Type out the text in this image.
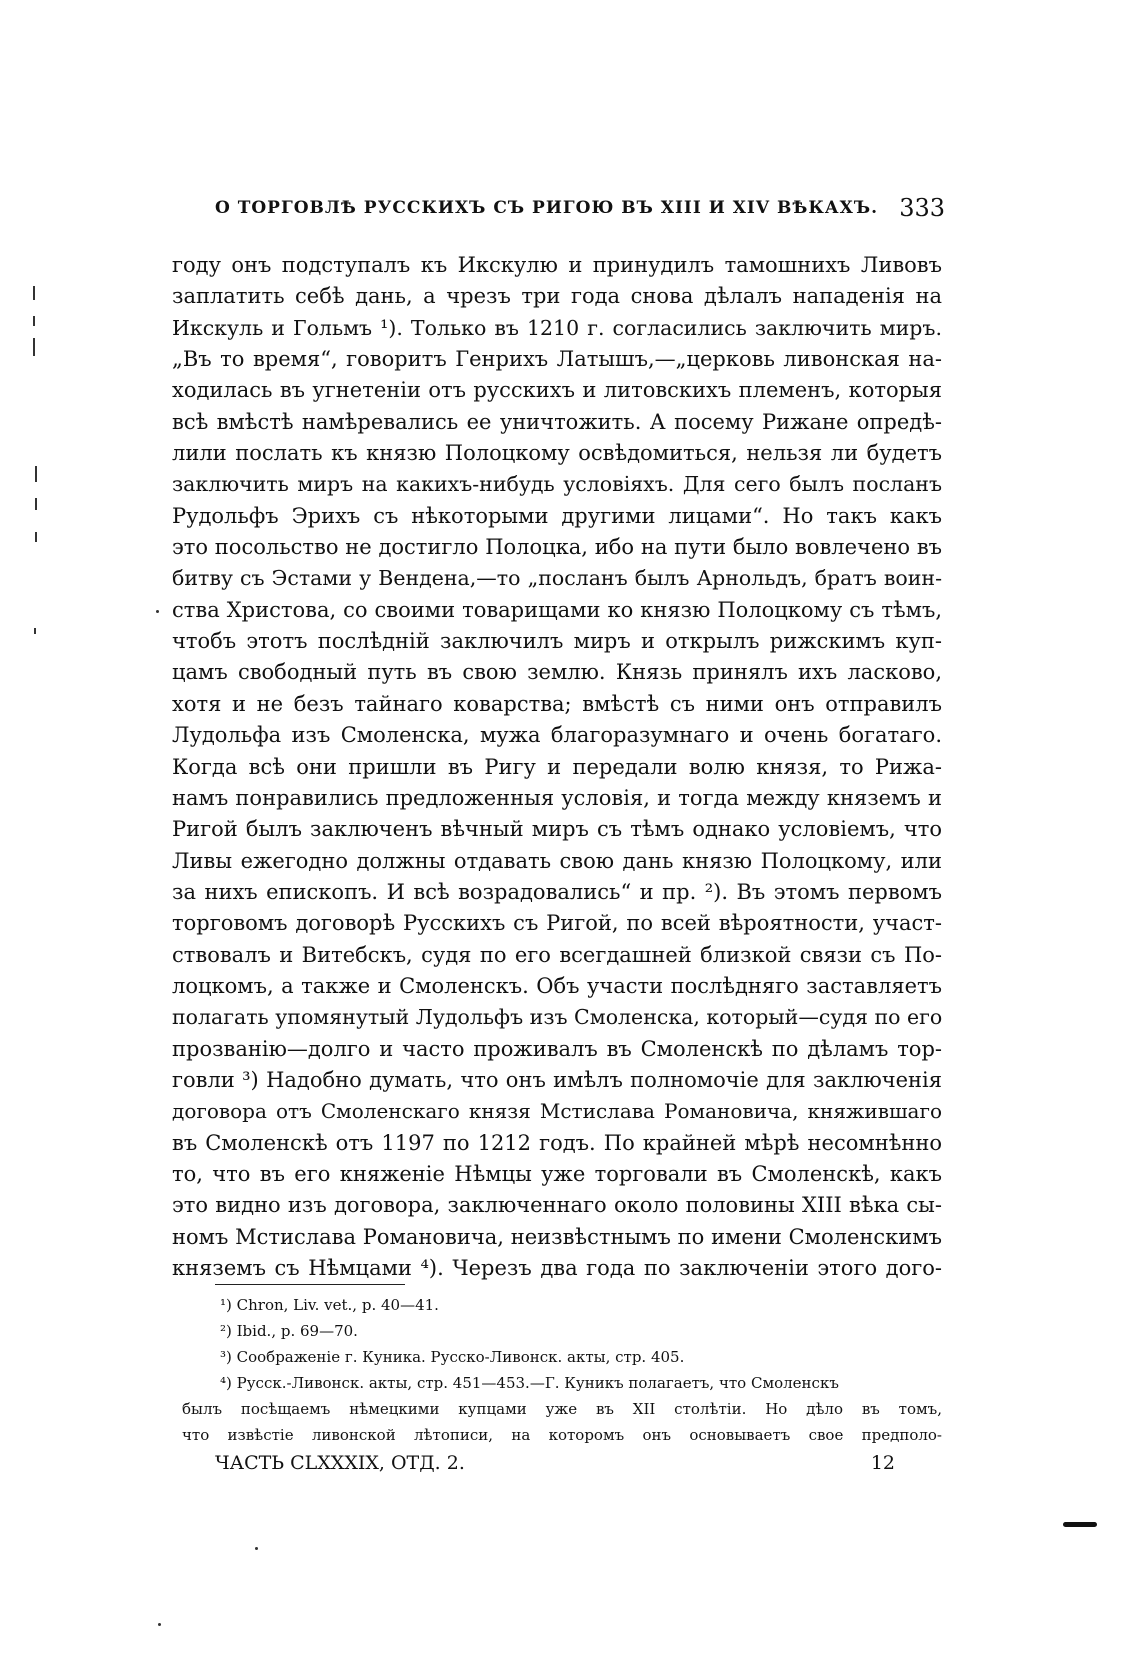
О ТОРГОВЛѢ РУССКИХЪ СЪ РИГОЮ ВЪ XIII И XIV ВѢКАХЪ. 333
году онъ подступалъ къ Икскулю и принудилъ тамошнихъ Ливовъ
заплатить себѣ дань, а чрезъ три года снова дѣлалъ нападенія на
Икскуль и Гольмъ ¹). Только въ 1210 г. согласились заключить миръ.
„Въ то время“, говоритъ Генрихъ Латышъ,—„церковь ливонская на-
ходилась въ угнетеніи отъ русскихъ и литовскихъ племенъ, которыя
всѣ вмѣстѣ намѣревались ее уничтожить. А посему Рижане опредѣ-
лили послать къ князю Полоцкому освѣдомиться, нельзя ли будетъ
заключить миръ на какихъ-нибудь условіяхъ. Для сего былъ посланъ
Рудольфъ Эрихъ съ нѣкоторыми другими лицами“. Но такъ какъ
это посольство не достигло Полоцка, ибо на пути было вовлечено въ
битву съ Эстами у Вендена,—то „посланъ былъ Арнольдъ, братъ воин-
ства Христова, со своими товарищами ко князю Полоцкому съ тѣмъ,
чтобъ этотъ послѣдній заключилъ миръ и открылъ рижскимъ куп-
цамъ свободный путь въ свою землю. Князь принялъ ихъ ласково,
хотя и не безъ тайнаго коварства; вмѣстѣ съ ними онъ отправилъ
Лудольфа изъ Смоленска, мужа благоразумнаго и очень богатаго.
Когда всѣ они пришли въ Ригу и передали волю князя, то Рижа-
намъ понравились предложенныя условія, и тогда между княземъ и
Ригой былъ заключенъ вѣчный миръ съ тѣмъ однако условіемъ, что
Ливы ежегодно должны отдавать свою дань князю Полоцкому, или
за нихъ епископъ. И всѣ возрадовались“ и пр. ²). Въ этомъ первомъ
торговомъ договорѣ Русскихъ съ Ригой, по всей вѣроятности, участ-
ствовалъ и Витебскъ, судя по его всегдашней близкой связи съ По-
лоцкомъ, а также и Смоленскъ. Объ участи послѣдняго заставляетъ
полагать упомянутый Лудольфъ изъ Смоленска, который—судя по его
прозванію—долго и часто проживалъ въ Смоленскѣ по дѣламъ тор-
говли ³) Надобно думать, что онъ имѣлъ полномочіе для заключенія
договора отъ Смоленскаго князя Мстислава Романовича, княжившаго
въ Смоленскѣ отъ 1197 по 1212 годъ. По крайней мѣрѣ несомнѣнно
то, что въ его княженіе Нѣмцы уже торговали въ Смоленскѣ, какъ
это видно изъ договора, заключеннаго около половины XIII вѣка сы-
номъ Мстислава Романовича, неизвѣстнымъ по имени Смоленскимъ
княземъ съ Нѣмцами ⁴). Черезъ два года по заключеніи этого дого-
¹) Chron, Liv. vet., p. 40—41.
²) Ibid., p. 69—70.
³) Соображеніе г. Куника. Русско-Ливонск. акты, стр. 405.
⁴) Русск.-Ливонск. акты, стр. 451—453.—Г. Куникъ полагаетъ, что Смоленскъ
былъ посѣщаемъ нѣмецкими купцами уже въ XII столѣтіи. Но дѣло въ томъ,
что извѣстіе ливонской лѣтописи, на которомъ онъ основываетъ свое предполо-
ЧАСТЬ CLXXXIX, ОТД. 2.	12
